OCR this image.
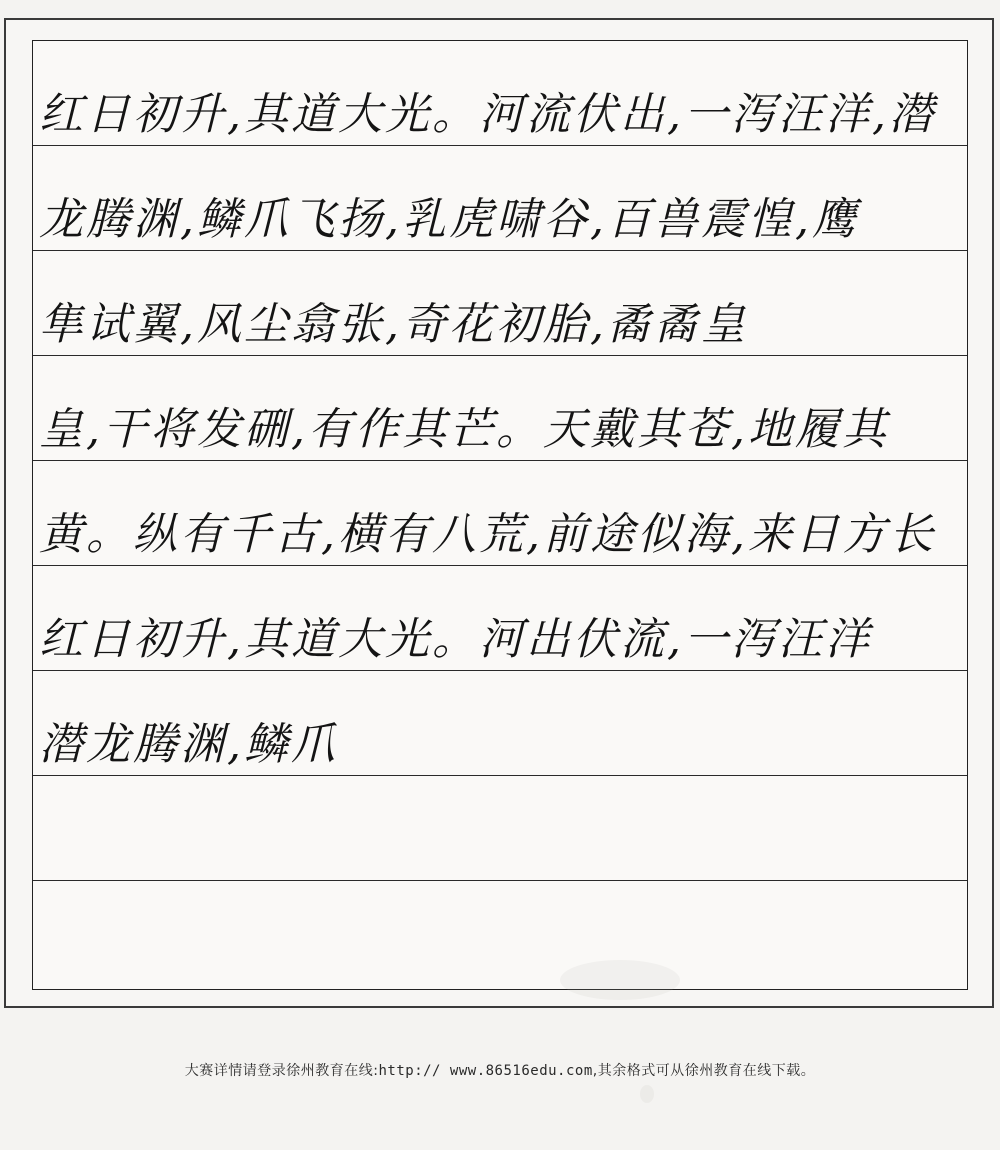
红日初升,其道大光。河流伏出,一泻汪洋,潜
龙腾渊,鳞爪飞扬,乳虎啸谷,百兽震惶,鹰
隼试翼,风尘翕张,奇花初胎,矞矞皇
皇,干将发硎,有作其芒。天戴其苍,地履其
黄。纵有千古,横有八荒,前途似海,来日方长
红日初升,其道大光。河出伏流,一泻汪洋
潜龙腾渊,鳞爪
大赛详情请登录徐州教育在线:http:// www.86516edu.com,其余格式可从徐州教育在线下载。
